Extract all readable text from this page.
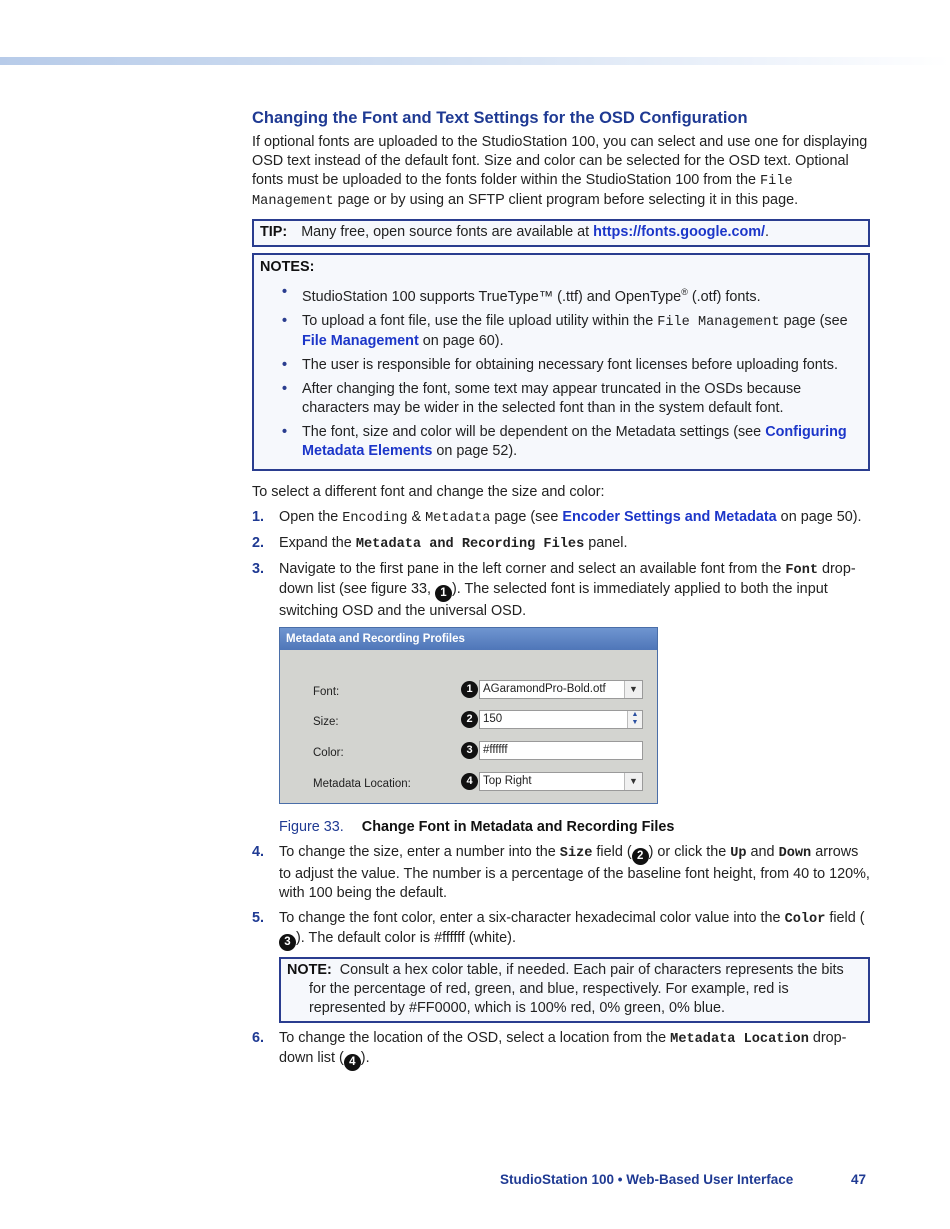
Changing the Font and Text Settings for the OSD Configuration

If optional fonts are uploaded to the StudioStation 100, you can select and use one for displaying OSD text instead of the default font. Size and color can be selected for the OSD text. Optional fonts must be uploaded to the fonts folder within the StudioStation 100 from the File Management page or by using an SFTP client program before selecting it in this page.

TIP: Many free, open source fonts are available at https://fonts.google.com/.
NOTES:
• StudioStation 100 supports TrueType™ (.ttf) and OpenType® (.otf) fonts.
• To upload a font file, use the file upload utility within the File Management page (see File Management on page 60).
• The user is responsible for obtaining necessary font licenses before uploading fonts.
• After changing the font, some text may appear truncated in the OSDs because characters may be wider in the selected font than in the system default font.
• The font, size and color will be dependent on the Metadata settings (see Configuring Metadata Elements on page 52).

To select a different font and change the size and color:

1. Open the Encoding & Metadata page (see Encoder Settings and Metadata on page 50).
2. Expand the Metadata and Recording Files panel.
3. Navigate to the first pane in the left corner and select an available font from the Font drop-down list (see figure 33, 1 ). The selected font is immediately applied to both the input switching OSD and the universal OSD.
Metadata and Recording Profiles
Font:	1 AGaramondPro-Bold.otf	▼
Size:	2 150	▲
▼
Color:	3 #ffffff
Metadata Location:	4 Top Right	▼

Figure 33. Change Font in Metadata and Recording Files

4. To change the size, enter a number into the Size field ( 2 ) or click the Up and Down arrows to adjust the value. The number is a percentage of the baseline font height, from 40 to 120%, with 100 being the default.
5. To change the font color, enter a six-character hexadecimal color value into the Color field (3 ). The default color is #ffffff (white).
NOTE: Consult a hex color table, if needed. Each pair of characters represents the bits for the percentage of red, green, and blue, respectively. For example, red is represented by #FF0000, which is 100% red, 0% green, 0% blue.
6. To change the location of the OSD, select a location from the Metadata Location drop-down list ( 4 ).
StudioStation 100 • Web-Based User Interface	47
